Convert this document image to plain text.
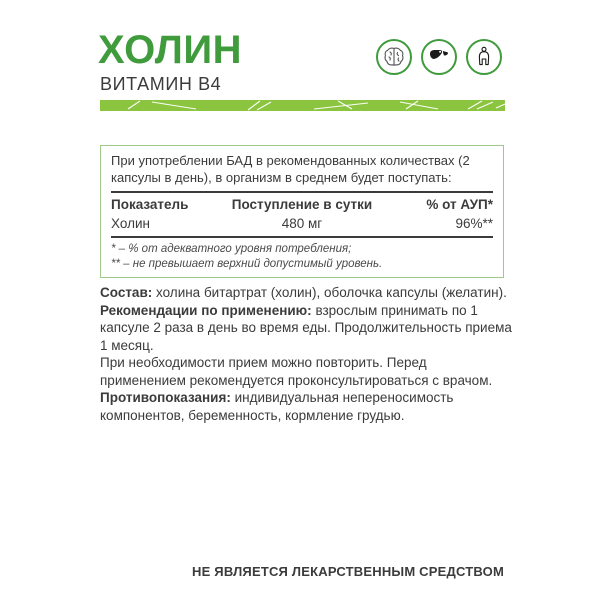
ХОЛИН
ВИТАМИН B4
При употреблении БАД в рекомендованных количествах (2 капсулы в день), в организм в среднем будет поступать:
Показатель	Поступление в сутки	% от АУП*
Холин	480 мг	96%**
* – % от адекватного уровня потребления;
** – не превышает верхний допустимый уровень.

Состав: холина битартрат (холин), оболочка капсулы (желатин).

Рекомендации по применению: взрослым принимать по 1 капсуле 2 раза в день во время еды. Продолжительность приема 1 месяц.

При необходимости прием можно повторить. Перед применением рекомендуется проконсультироваться с врачом.

Противопоказания: индивидуальная непереносимость компонентов, беременность, кормление грудью.

НЕ ЯВЛЯЕТСЯ ЛЕКАРСТВЕННЫМ СРЕДСТВОМ
